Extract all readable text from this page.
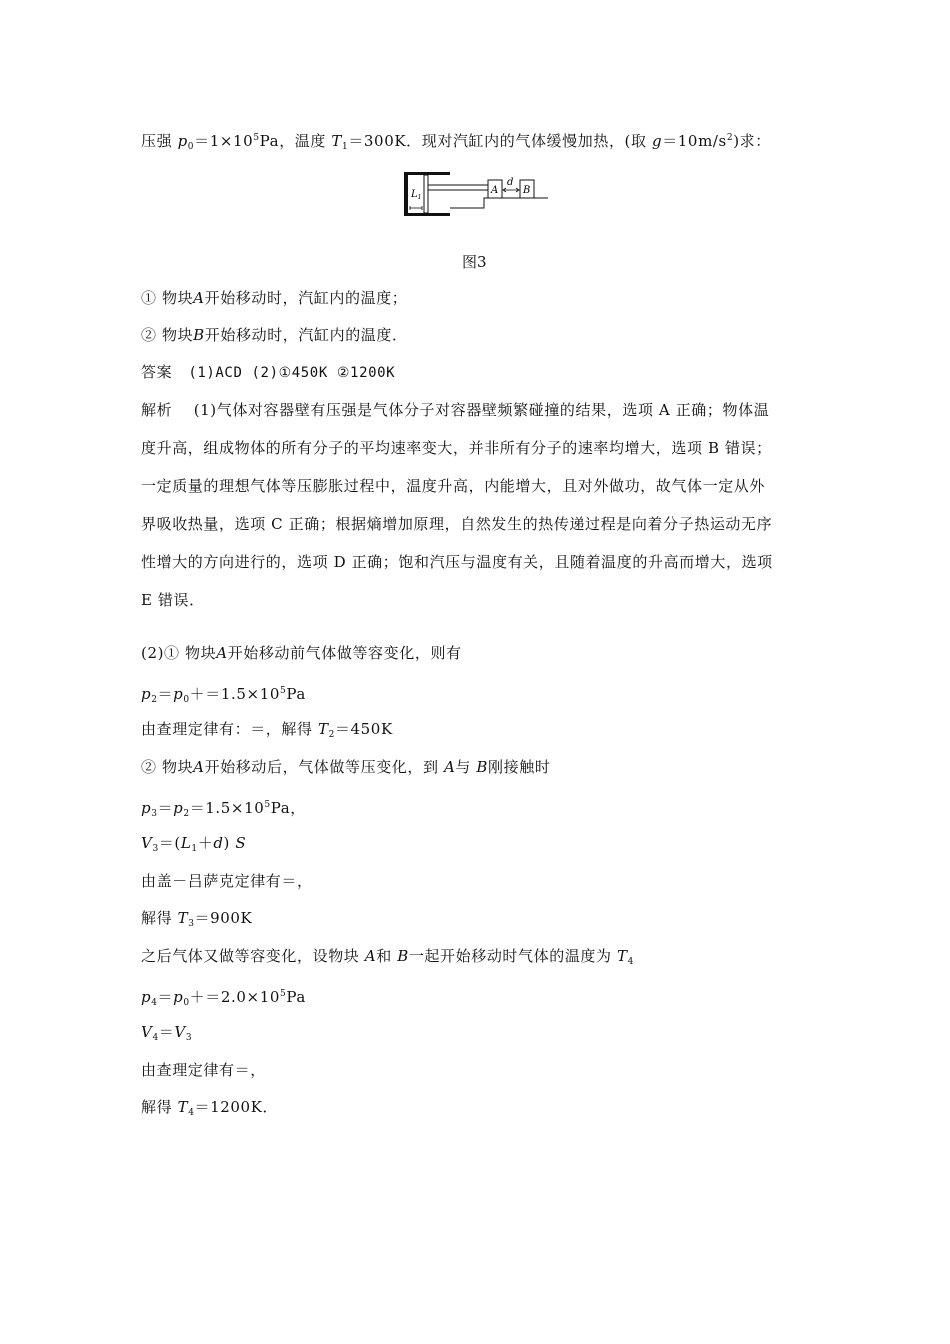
压强 $p_0=1\times 10^5Pa$，温度 $T_1=300K$．现对汽缸内的气体缓慢加热，(取 $g=10m/s^2$)求：
$L_1$
A
d
B
图3
① 物块A开始移动时，汽缸内的温度；
② 物块B开始移动时，汽缸内的温度．
答案 (1)ACD (2)①450K ②1200K
解析 (1)气体对容器壁有压强是气体分子对容器壁频繁碰撞的结果，选项 A 正确；物体温
度升高，组成物体的所有分子的平均速率变大，并非所有分子的速率均增大，选项 B 错误；
一定质量的理想气体等压膨胀过程中，温度升高，内能增大，且对外做功，故气体一定从外
界吸收热量，选项 C 正确；根据熵增加原理，自然发生的热传递过程是向着分子热运动无序
性增大的方向进行的，选项 D 正确；饱和汽压与温度有关，且随着温度的升高而增大，选项
E 错误．
(2)① 物块A开始移动前气体做等容变化，则有
$p_2=p_0+=1.5\times 10^5Pa$
由查理定律有：＝，解得 $T_2=450K$
② 物块A开始移动后，气体做等压变化，到 A与 B刚接触时
$p_3=p_2=1.5\times 10^5Pa$，
$V_3=(L_1+d)$ S
由盖－吕萨克定律有＝，
解得 $T_3=900K$
之后气体又做等容变化，设物块 A和 B一起开始移动时气体的温度为 $T_4$
$p_4=p_0+=2.0\times 10^5Pa$
$V_4=V_3$
由查理定律有＝，
解得 $T_4=1200K$．
